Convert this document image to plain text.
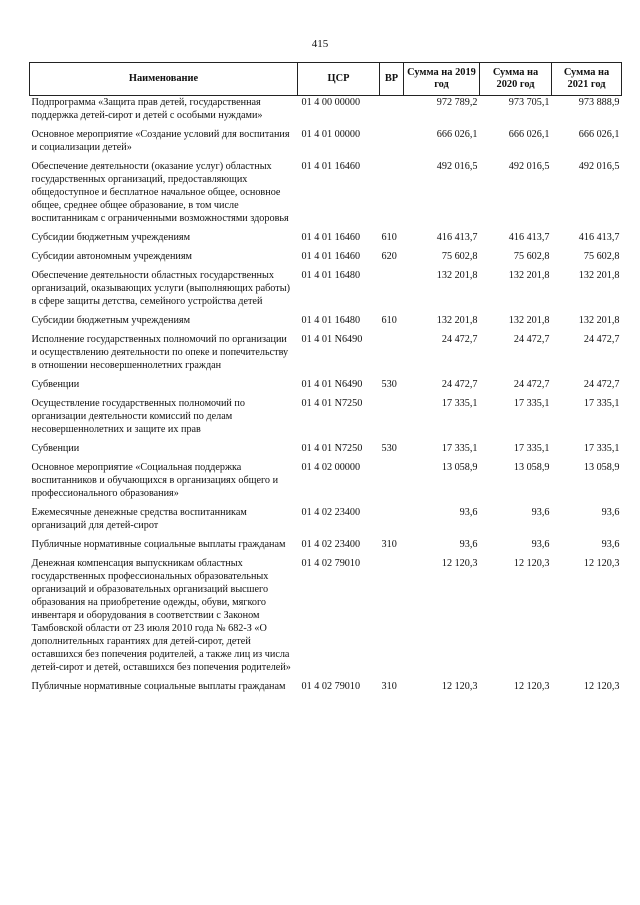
415
Наименование	ЦСР	ВР	Сумма на 2019 год	Сумма на 2020 год	Сумма на 2021 год
Подпрограмма «Защита прав детей, государственная поддержка детей-сирот и детей с особыми нуждами»	01 4 00 00000		972 789,2	973 705,1	973 888,9
Основное мероприятие «Создание условий для воспитания и социализации детей»	01 4 01 00000		666 026,1	666 026,1	666 026,1
Обеспечение деятельности (оказание услуг) областных государственных организаций, предоставляющих общедоступное и бесплатное начальное общее, основное общее, среднее общее образование, в том числе воспитанникам с ограниченными возможностями здоровья	01 4 01 16460		492 016,5	492 016,5	492 016,5
Субсидии бюджетным учреждениям	01 4 01 16460	610	416 413,7	416 413,7	416 413,7
Субсидии автономным учреждениям	01 4 01 16460	620	75 602,8	75 602,8	75 602,8
Обеспечение деятельности областных государственных организаций, оказывающих услуги (выполняющих работы) в сфере защиты детства, семейного устройства детей	01 4 01 16480		132 201,8	132 201,8	132 201,8
Субсидии бюджетным учреждениям	01 4 01 16480	610	132 201,8	132 201,8	132 201,8
Исполнение государственных полномочий по организации и осуществлению деятельности по опеке и попечительству в отношении несовершеннолетних граждан	01 4 01 N6490		24 472,7	24 472,7	24 472,7
Субвенции	01 4 01 N6490	530	24 472,7	24 472,7	24 472,7
Осуществление государственных полномочий по организации деятельности комиссий по делам несовершеннолетних и защите их прав	01 4 01 N7250		17 335,1	17 335,1	17 335,1
Субвенции	01 4 01 N7250	530	17 335,1	17 335,1	17 335,1
Основное мероприятие «Социальная поддержка воспитанников и обучающихся в организациях общего и профессионального образования»	01 4 02 00000		13 058,9	13 058,9	13 058,9
Ежемесячные денежные средства воспитанникам организаций для детей-сирот	01 4 02 23400		93,6	93,6	93,6
Публичные нормативные социальные выплаты гражданам	01 4 02 23400	310	93,6	93,6	93,6
Денежная компенсация выпускникам областных государственных профессиональных образовательных организаций и образовательных организаций высшего образования на приобретение одежды, обуви, мягкого инвентаря и оборудования в соответствии с Законом Тамбовской области от 23 июля 2010 года № 682-З «О дополнительных гарантиях для детей-сирот, детей оставшихся без попечения родителей, а также лиц из числа детей-сирот и детей, оставшихся без попечения родителей»	01 4 02 79010		12 120,3	12 120,3	12 120,3
Публичные нормативные социальные выплаты гражданам	01 4 02 79010	310	12 120,3	12 120,3	12 120,3
